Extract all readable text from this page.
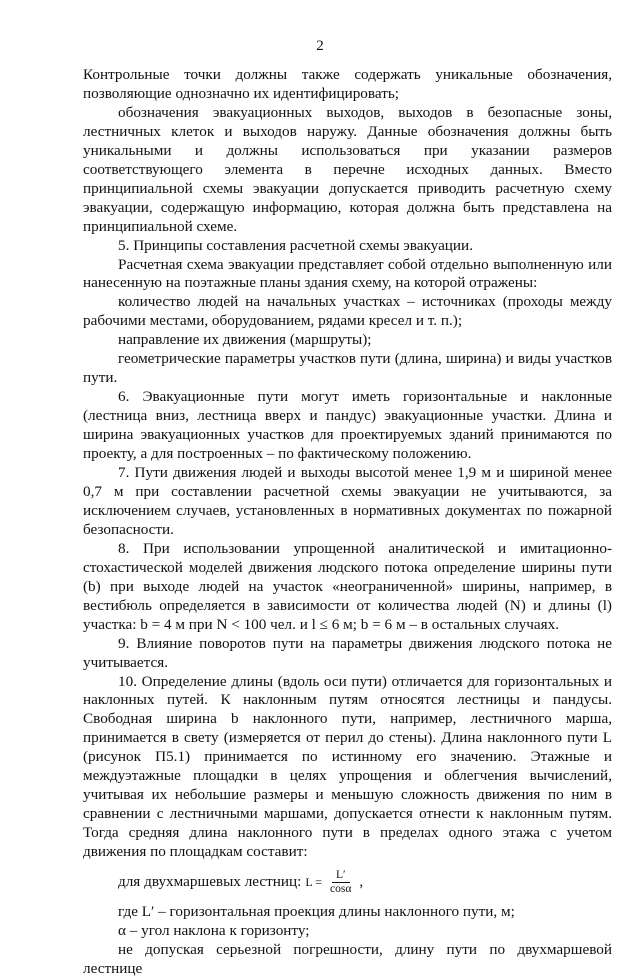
2

Контрольные точки должны также содержать уникальные обозначения, позволяющие однозначно их идентифицировать;

обозначения эвакуационных выходов, выходов в безопасные зоны, лестничных клеток и выходов наружу. Данные обозначения должны быть уникальными и должны использоваться при указании размеров соответствующего элемента в перечне исходных данных. Вместо принципиальной схемы эвакуации допускается приводить расчетную схему эвакуации, содержащую информацию, которая должна быть представлена на принципиальной схеме.

5. Принципы составления расчетной схемы эвакуации.

Расчетная схема эвакуации представляет собой отдельно выполненную или нанесенную на поэтажные планы здания схему, на которой отражены:

количество людей на начальных участках – источниках (проходы между рабочими местами, оборудованием, рядами кресел и т. п.);

направление их движения (маршруты);

геометрические параметры участков пути (длина, ширина) и виды участков пути.

6. Эвакуационные пути могут иметь горизонтальные и наклонные (лестница вниз, лестница вверх и пандус) эвакуационные участки. Длина и ширина эвакуационных участков для проектируемых зданий принимаются по проекту, а для построенных – по фактическому положению.

7. Пути движения людей и выходы высотой менее 1,9 м и шириной менее 0,7 м при составлении расчетной схемы эвакуации не учитываются, за исключением случаев, установленных в нормативных документах по пожарной безопасности.

8. При использовании упрощенной аналитической и имитационно-стохастической моделей движения людского потока определение ширины пути (b) при выходе людей на участок «неограниченной» ширины, например, в вестибюль определяется в зависимости от количества людей (N) и длины (l) участка: b = 4 м при N < 100 чел. и l ≤ 6 м; b = 6 м – в остальных случаях.

9. Влияние поворотов пути на параметры движения людского потока не учитывается.

10. Определение длины (вдоль оси пути) отличается для горизонтальных и наклонных путей. К наклонным путям относятся лестницы и пандусы. Свободная ширина b наклонного пути, например, лестничного марша, принимается в свету (измеряется от перил до стены). Длина наклонного пути L (рисунок П5.1) принимается по истинному его значению. Этажные и междуэтажные площадки в целях упрощения и облегчения вычислений, учитывая их небольшие размеры и меньшую сложность движения по ним в сравнении с лестничными маршами, допускается отнести к наклонным путям. Тогда средняя длина наклонного пути в пределах одного этажа с учетом движения по площадкам составит:

для двухмаршевых лестниц: $L = \frac{L'}{\cos\alpha}$ ,

где L′ – горизонтальная проекция длины наклонного пути, м;

α – угол наклона к горизонту;

не допуская серьезной погрешности, длину пути по двухмаршевой лестнице
